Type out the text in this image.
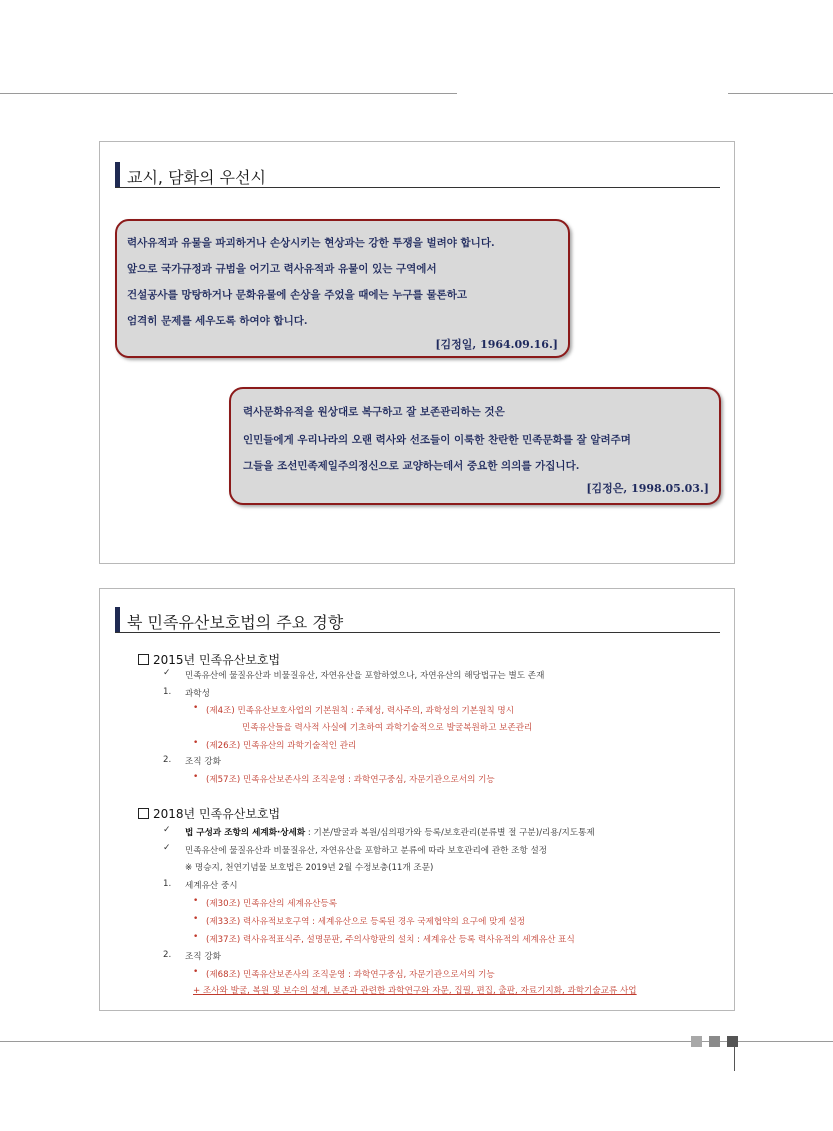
교시, 담화의 우선시
력사유적과 유물을 파괴하거나 손상시키는 현상과는 강한 투쟁을 벌려야 합니다.
앞으로 국가규정과 규범을 어기고 력사유적과 유물이 있는 구역에서
건설공사를 망탕하거나 문화유물에 손상을 주었을 때에는 누구를 물론하고
엄격히 문제를 세우도록 하여야 합니다.
[김정일, 1964.09.16.]
력사문화유적을 원상대로 복구하고 잘 보존관리하는 것은
인민들에게 우리나라의 오랜 력사와 선조들이 이룩한 찬란한 민족문화를 잘 알려주며
그들을 조선민족제일주의정신으로 교양하는데서 중요한 의의를 가집니다.
[김정은, 1998.05.03.]
북 민족유산보호법의 주요 경향
2015년 민족유산보호법
✓ 민족유산에 물질유산과 비물질유산, 자연유산을 포함하였으나, 자연유산의 해당법규는 별도 존재
1. 과학성
• (제4조) 민족유산보호사업의 기본원칙 : 주체성, 력사주의, 과학성의 기본원칙 명시
민족유산들을 력사적 사실에 기초하여 과학기술적으로 발굴복원하고 보존관리
• (제26조) 민족유산의 과학기술적인 관리
2. 조직 강화
• (제57조) 민족유산보존사의 조직운영 : 과학연구중심, 자문기관으로서의 기능
2018년 민족유산보호법
✓ 법 구성과 조항의 세계화·상세화 : 기본/발굴과 복원/심의평가와 등록/보호관리(분류별 절 구분)/리용/지도통제
✓ 민족유산에 물질유산과 비물질유산, 자연유산을 포함하고 분류에 따라 보호관리에 관한 조항 설정
※ 명승지, 천연기념물 보호법은 2019년 2월 수정보충(11개 조문)
1. 세계유산 중시
• (제30조) 민족유산의 세계유산등록
• (제33조) 력사유적보호구역 : 세계유산으로 등록된 경우 국제협약의 요구에 맞게 설정
• (제37조) 력사유적표식주, 설명문판, 주의사항판의 설치 : 세계유산 등록 력사유적의 세계유산 표식
2. 조직 강화
• (제68조) 민족유산보존사의 조직운영 : 과학연구중심, 자문기관으로서의 기능
+ 조사와 발굴, 복원 및 보수의 설계, 보존과 관련한 과학연구와 자문, 집필, 편집, 출판, 자료기지화, 과학기술교류 사업
